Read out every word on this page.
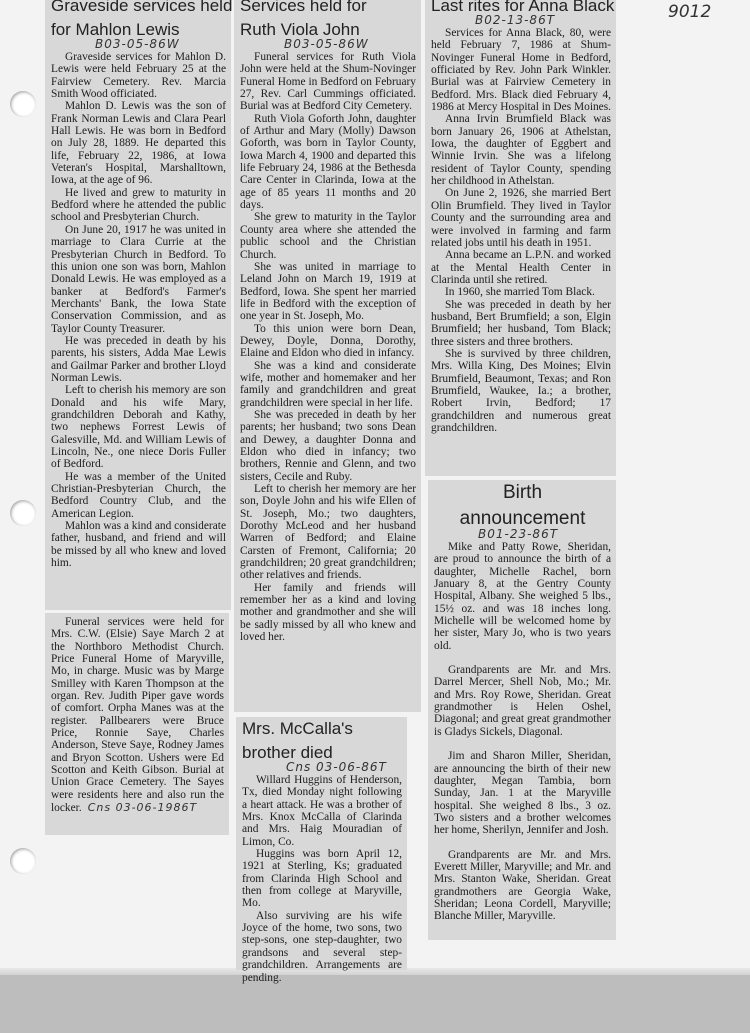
9012
Graveside services held
for Mahlon Lewis
B03-05-86W

Graveside services for Mahlon D. Lewis were held February 25 at the Fairview Cemetery. Rev. Marcia Smith Wood officiated.

Mahlon D. Lewis was the son of Frank Norman Lewis and Clara Pearl Hall Lewis. He was born in Bedford on July 28, 1889. He departed this life, February 22, 1986, at Iowa Veteran's Hospital, Marshalltown, Iowa, at the age of 96.

He lived and grew to maturity in Bedford where he attended the public school and Presbyterian Church.

On June 20, 1917 he was united in marriage to Clara Currie at the Presbyterian Church in Bedford. To this union one son was born, Mahlon Donald Lewis. He was employed as a banker at Bedford's Farmer's Merchants' Bank, the Iowa State Conservation Commission, and as Taylor County Treasurer.

He was preceded in death by his parents, his sisters, Adda Mae Lewis and Gailmar Parker and brother Lloyd Norman Lewis.

Left to cherish his memory are son Donald and his wife Mary, grandchildren Deborah and Kathy, two nephews Forrest Lewis of Galesville, Md. and William Lewis of Lincoln, Ne., one niece Doris Fuller of Bedford.

He was a member of the United Christian-Presbyterian Church, the Bedford Country Club, and the American Legion.

Mahlon was a kind and considerate father, husband, and friend and will be missed by all who knew and loved him.

Funeral services were held for Mrs. C.W. (Elsie) Saye March 2 at the Northboro Methodist Church. Price Funeral Home of Maryville, Mo, in charge. Music was by Marge Smilley with Karen Thompson at the organ. Rev. Judith Piper gave words of comfort. Orpha Manes was at the register. Pallbearers were Bruce Price, Ronnie Saye, Charles Anderson, Steve Saye, Rodney James and Bryon Scotton. Ushers were Ed Scotton and Keith Gibson. Burial at Union Grace Cemetery. The Sayes were residents here and also run the locker. Cns 03-06-1986T

Services held for
Ruth Viola John
B03-05-86W

Funeral services for Ruth Viola John were held at the Shum-Novinger Funeral Home in Bedford on February 27, Rev. Carl Cummings officiated. Burial was at Bedford City Cemetery.

Ruth Viola Goforth John, daughter of Arthur and Mary (Molly) Dawson Goforth, was born in Taylor County, Iowa March 4, 1900 and departed this life February 24, 1986 at the Bethesda Care Center in Clarinda, Iowa at the age of 85 years 11 months and 20 days.

She grew to maturity in the Taylor County area where she attended the public school and the Christian Church.

She was united in marriage to Leland John on March 19, 1919 at Bedford, Iowa. She spent her married life in Bedford with the exception of one year in St. Joseph, Mo.

To this union were born Dean, Dewey, Doyle, Donna, Dorothy, Elaine and Eldon who died in infancy.

She was a kind and considerate wife, mother and homemaker and her family and grandchildren and great grandchildren were special in her life.

She was preceded in death by her parents; her husband; two sons Dean and Dewey, a daughter Donna and Eldon who died in infancy; two brothers, Rennie and Glenn, and two sisters, Cecile and Ruby.

Left to cherish her memory are her son, Doyle John and his wife Ellen of St. Joseph, Mo.; two daughters, Dorothy McLeod and her husband Warren of Bedford; and Elaine Carsten of Fremont, California; 20 grandchildren; 20 great grandchildren; other relatives and friends.

Her family and friends will remember her as a kind and loving mother and grandmother and she will be sadly missed by all who knew and loved her.

Mrs. McCalla's
brother died
Cns 03-06-86T

Willard Huggins of Henderson, Tx, died Monday night following a heart attack. He was a brother of Mrs. Knox McCalla of Clarinda and Mrs. Haig Mouradian of Limon, Co.

Huggins was born April 12, 1921 at Sterling, Ks; graduated from Clarinda High School and then from college at Maryville, Mo.

Also surviving are his wife Joyce of the home, two sons, two step-sons, one step-daughter, two grandsons and several step-grandchildren. Arrangements are pending.

Last rites for Anna Black
B02-13-86T

Services for Anna Black, 80, were held February 7, 1986 at Shum-Novinger Funeral Home in Bedford, officiated by Rev. John Park Winkler. Burial was at Fairview Cemetery in Bedford. Mrs. Black died February 4, 1986 at Mercy Hospital in Des Moines.

Anna Irvin Brumfield Black was born January 26, 1906 at Athelstan, Iowa, the daughter of Eggbert and Winnie Irvin. She was a lifelong resident of Taylor County, spending her childhood in Athelstan.

On June 2, 1926, she married Bert Olin Brumfield. They lived in Taylor County and the surrounding area and were involved in farming and farm related jobs until his death in 1951.

Anna became an L.P.N. and worked at the Mental Health Center in Clarinda until she retired.

In 1960, she married Tom Black.

She was preceded in death by her husband, Bert Brumfield; a son, Elgin Brumfield; her husband, Tom Black; three sisters and three brothers.

She is survived by three children, Mrs. Willa King, Des Moines; Elvin Brumfield, Beaumont, Texas; and Ron Brumfield, Waukee, Ia.; a brother, Robert Irvin, Bedford; 17 grandchildren and numerous great grandchildren.

Birth
announcement
B01-23-86T

Mike and Patty Rowe, Sheridan, are proud to announce the birth of a daughter, Michelle Rachel, born January 8, at the Gentry County Hospital, Albany. She weighed 5 lbs., 15½ oz. and was 18 inches long. Michelle will be welcomed home by her sister, Mary Jo, who is two years old.

Grandparents are Mr. and Mrs. Darrel Mercer, Shell Nob, Mo.; Mr. and Mrs. Roy Rowe, Sheridan. Great grandmother is Helen Oshel, Diagonal; and great great grandmother is Gladys Sickels, Diagonal.

Jim and Sharon Miller, Sheridan, are announcing the birth of their new daughter, Megan Tambia, born Sunday, Jan. 1 at the Maryville hospital. She weighed 8 lbs., 3 oz. Two sisters and a brother welcomes her home, Sherilyn, Jennifer and Josh.

Grandparents are Mr. and Mrs. Everett Miller, Maryville; and Mr. and Mrs. Stanton Wake, Sheridan. Great grandmothers are Georgia Wake, Sheridan; Leona Cordell, Maryville; Blanche Miller, Maryville.
